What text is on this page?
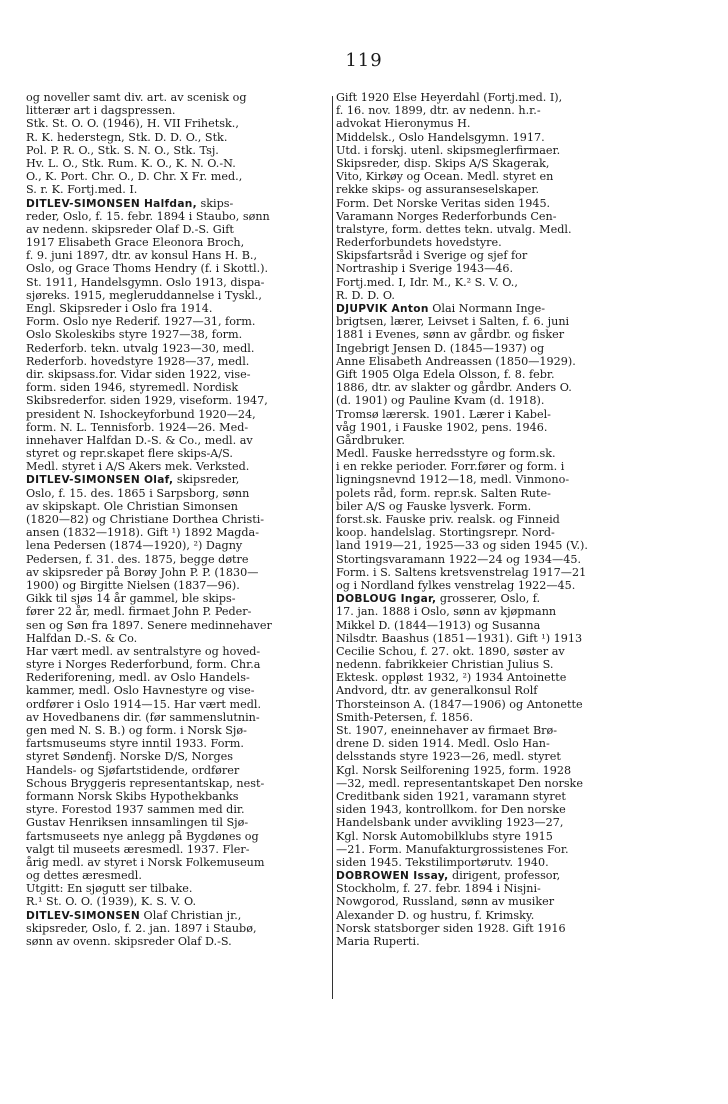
119
og noveller samt div. art. av scenisk og
litterær art i dagspressen.
Stk. St. O. O. (1946), H. VII Frihetsk.,
R. K. hederstegn, Stk. D. D. O., Stk.
Pol. P. R. O., Stk. S. N. O., Stk. Tsj.
Hv. L. O., Stk. Rum. K. O., K. N. O.-N.
O., K. Port. Chr. O., D. Chr. X Fr. med.,
S. r. K. Fortj.med. I.
DITLEV-SIMONSEN Halfdan, skips-
reder, Oslo, f. 15. febr. 1894 i Staubo, sønn
av nedenn. skipsreder Olaf D.-S. Gift
1917 Elisabeth Grace Eleonora Broch,
f. 9. juni 1897, dtr. av konsul Hans H. B.,
Oslo, og Grace Thoms Hendry (f. i Skottl.).
St. 1911, Handelsgymn. Oslo 1913, dispa-
sjøreks. 1915, megleruddannelse i Tyskl.,
Engl. Skipsreder i Oslo fra 1914.
Form. Oslo nye Rederif. 1927—31, form.
Oslo Skoleskibs styre 1927—38, form.
Rederforb. tekn. utvalg 1923—30, medl.
Rederforb. hovedstyre 1928—37, medl.
dir. skipsass.for. Vidar siden 1922, vise-
form. siden 1946, styremedl. Nordisk
Skibsrederfor. siden 1929, viseform. 1947,
president N. Ishockeyforbund 1920—24,
form. N. L. Tennisforb. 1924—26. Med-
innehaver Halfdan D.-S. & Co., medl. av
styret og repr.skapet flere skips-A/S.
Medl. styret i A/S Akers mek. Verksted.
DITLEV-SIMONSEN Olaf, skipsreder,
Oslo, f. 15. des. 1865 i Sarpsborg, sønn
av skipskapt. Ole Christian Simonsen
(1820—82) og Christiane Dorthea Christi-
ansen (1832—1918). Gift ¹) 1892 Magda-
lena Pedersen (1874—1920), ²) Dagny
Pedersen, f. 31. des. 1875, begge døtre
av skipsreder på Borøy John P. P. (1830—
1900) og Birgitte Nielsen (1837—96).
Gikk til sjøs 14 år gammel, ble skips-
fører 22 år, medl. firmaet John P. Peder-
sen og Søn fra 1897. Senere medinnehaver
Halfdan D.-S. & Co.
Har vært medl. av sentralstyre og hoved-
styre i Norges Rederforbund, form. Chr.a
Rederiforening, medl. av Oslo Handels-
kammer, medl. Oslo Havnestyre og vise-
ordfører i Oslo 1914—15. Har vært medl.
av Hovedbanens dir. (før sammenslutnin-
gen med N. S. B.) og form. i Norsk Sjø-
fartsmuseums styre inntil 1933. Form.
styret Søndenfj. Norske D/S, Norges
Handels- og Sjøfartstidende, ordfører
Schous Bryggeris representantskap, nest-
formann Norsk Skibs Hypothekbanks
styre. Forestod 1937 sammen med dir.
Gustav Henriksen innsamlingen til Sjø-
fartsmuseets nye anlegg på Bygdønes og
valgt til museets æresmedl. 1937. Fler-
årig medl. av styret i Norsk Folkemuseum
og dettes æresmedl.
Utgitt: En sjøgutt ser tilbake.
R.¹ St. O. O. (1939), K. S. V. O.
DITLEV-SIMONSEN Olaf Christian jr.,
skipsreder, Oslo, f. 2. jan. 1897 i Staubø,
sønn av ovenn. skipsreder Olaf D.-S.
Gift 1920 Else Heyerdahl (Fortj.med. I),
f. 16. nov. 1899, dtr. av nedenn. h.r.-
advokat Hieronymus H.
Middelsk., Oslo Handelsgymn. 1917.
Utd. i forskj. utenl. skipsmeglerfirmaer.
Skipsreder, disp. Skips A/S Skagerak,
Vito, Kirkøy og Ocean. Medl. styret en
rekke skips- og assuranseselskaper.
Form. Det Norske Veritas siden 1945.
Varamann Norges Rederforbunds Cen-
tralstyre, form. dettes tekn. utvalg. Medl.
Rederforbundets hovedstyre.
Skipsfartsråd i Sverige og sjef for
Nortraship i Sverige 1943—46.
Fortj.med. I, Idr. M., K.² S. V. O.,
R. D. D. O.
DJUPVIK Anton Olai Normann Inge-
brigtsen, lærer, Leivset i Salten, f. 6. juni
1881 i Evenes, sønn av gårdbr. og fisker
Ingebrigt Jensen D. (1845—1937) og
Anne Elisabeth Andreassen (1850—1929).
Gift 1905 Olga Edela Olsson, f. 8. febr.
1886, dtr. av slakter og gårdbr. Anders O.
(d. 1901) og Pauline Kvam (d. 1918).
Tromsø lærersk. 1901. Lærer i Kabel-
våg 1901, i Fauske 1902, pens. 1946.
Gårdbruker.
Medl. Fauske herredsstyre og form.sk.
i en rekke perioder. Forr.fører og form. i
ligningsnevnd 1912—18, medl. Vinmono-
polets råd, form. repr.sk. Salten Rute-
biler A/S og Fauske lysverk. Form.
forst.sk. Fauske priv. realsk. og Finneid
koop. handelslag. Stortingsrepr. Nord-
land 1919—21, 1925—33 og siden 1945 (V.).
Stortingsvaramann 1922—24 og 1934—45.
Form. i S. Saltens kretsvenstrelag 1917—21
og i Nordland fylkes venstrelag 1922—45.
DOBLOUG Ingar, grosserer, Oslo, f.
17. jan. 1888 i Oslo, sønn av kjøpmann
Mikkel D. (1844—1913) og Susanna
Nilsdtr. Baashus (1851—1931). Gift ¹) 1913
Cecilie Schou, f. 27. okt. 1890, søster av
nedenn. fabrikkeier Christian Julius S.
Ektesk. oppløst 1932, ²) 1934 Antoinette
Andvord, dtr. av generalkonsul Rolf
Thorsteinson A. (1847—1906) og Antonette
Smith-Petersen, f. 1856.
St. 1907, eneinnehaver av firmaet Brø-
drene D. siden 1914. Medl. Oslo Han-
delsstands styre 1923—26, medl. styret
Kgl. Norsk Seilforening 1925, form. 1928
—32, medl. representantskapet Den norske
Creditbank siden 1921, varamann styret
siden 1943, kontrollkom. for Den norske
Handelsbank under avvikling 1923—27,
Kgl. Norsk Automobilklubs styre 1915
—21. Form. Manufakturgrossistenes For.
siden 1945. Tekstilimportørutv. 1940.
DOBROWEN Issay, dirigent, professor,
Stockholm, f. 27. febr. 1894 i Nisjni-
Nowgorod, Russland, sønn av musiker
Alexander D. og hustru, f. Krimsky.
Norsk statsborger siden 1928. Gift 1916
Maria Ruperti.
